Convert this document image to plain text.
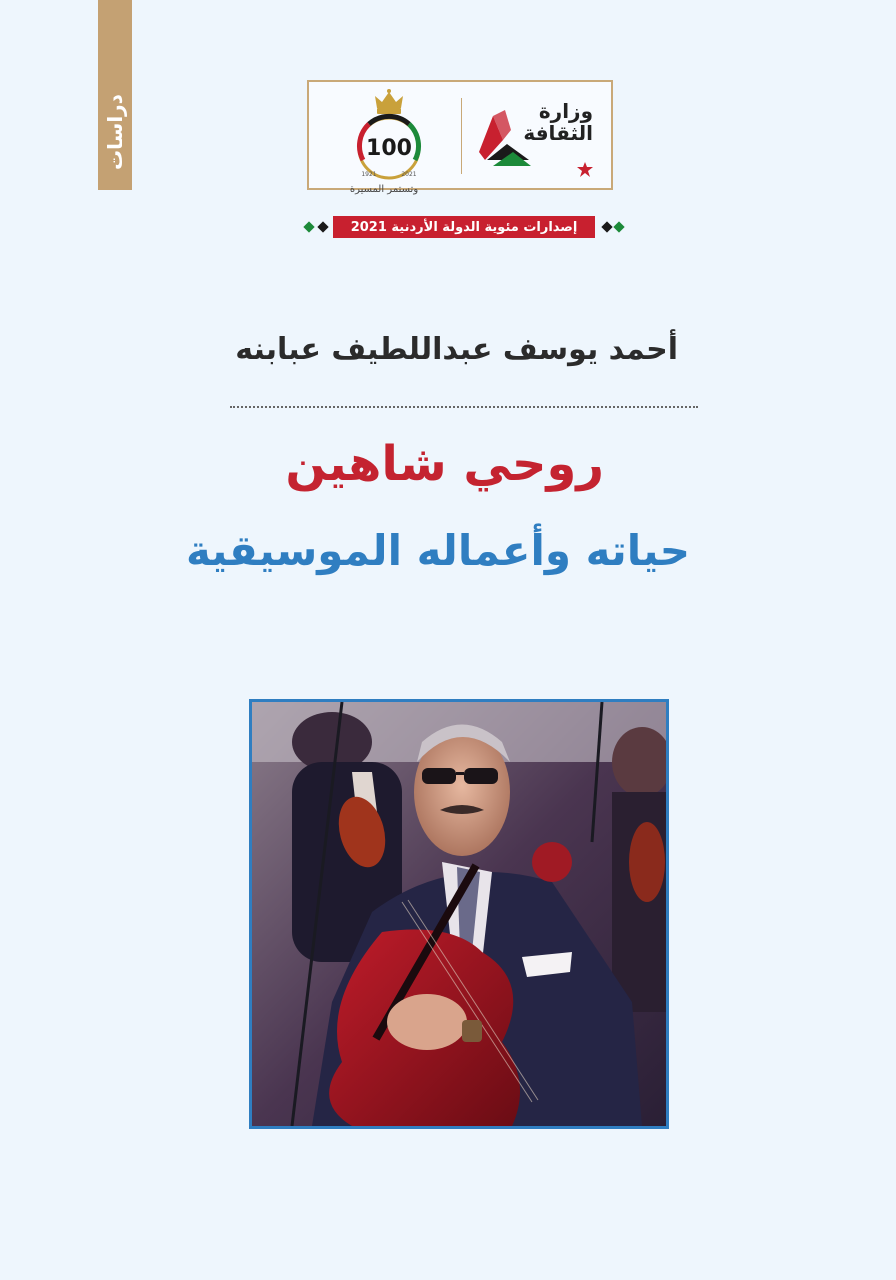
دراسات	100
1921	2021
وتستمر المسيرة
وزارة
الثقافة
إصدارات مئوية الدولة الأردنية 2021
أحمد يوسف عبداللطيف عبابنه
روحي شاهين
حياته وأعماله الموسيقية
